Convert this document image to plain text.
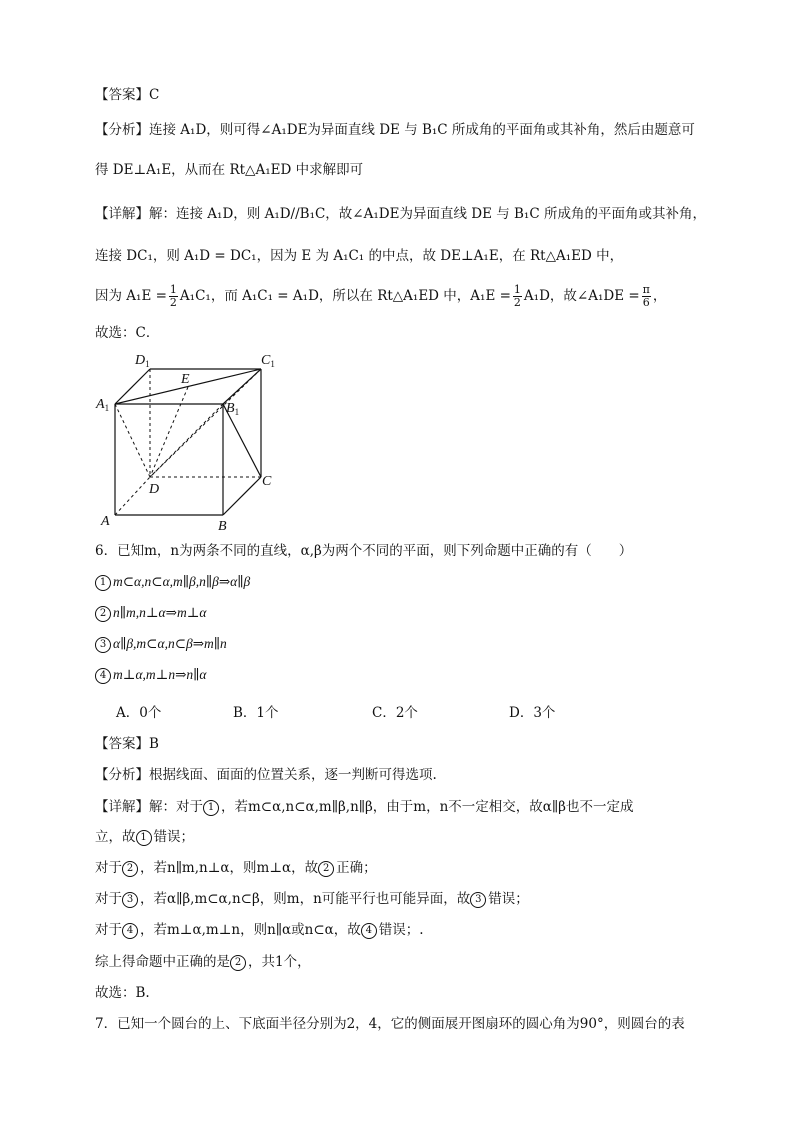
【答案】C
【分析】连接 A₁D，则可得∠A₁DE为异面直线 DE 与 B₁C 所成角的平面角或其补角，然后由题意可
得 DE⊥A₁E，从而在 Rt△A₁ED 中求解即可
【详解】解：连接 A₁D，则 A₁D//B₁C，故∠A₁DE为异面直线 DE 与 B₁C 所成角的平面角或其补角，
连接 DC₁，则 A₁D = DC₁，因为 E 为 A₁C₁ 的中点，故 DE⊥A₁E，在 Rt△A₁ED 中，
因为 $A_1E = \frac{1}{2} A_1C_1$，而 A₁C₁ = A₁D，所以在 Rt△A₁ED 中，$A_1E = \frac{1}{2} A_1D$，故∠A₁DE = $\frac{\pi}{6}$ ，
故选：C．
$D_1$	$C_1$
E
$A_1$	$B_1$
D
C
A	B
6．已知m，n为两条不同的直线，α,β为两个不同的平面，则下列命题中正确的有（　　）
1 m⊂α,n⊂α,m∥β,n∥β⇒α∥β
2 n∥m,n⊥α⇒m⊥α
3 α∥β,m⊂α,n⊂β⇒m∥n
4 m⊥α,m⊥n⇒n∥α
A．0个	B．1个	C．2个	D．3个
【答案】B
【分析】根据线面、面面的位置关系，逐一判断可得选项.
【详解】解：对于 1 ，若m⊂α,n⊂α,m∥β,n∥β，由于m，n不一定相交，故α∥β也不一定成
立，故 1 错误；
对于 2 ，若n∥m,n⊥α，则m⊥α，故 2 正确；
对于 3 ，若α∥β,m⊂α,n⊂β，则m，n可能平行也可能异面，故 3 错误；
对于 4 ，若m⊥α,m⊥n，则n∥α或n⊂α，故 4 错误；.
综上得命题中正确的是 2 ，共1个，
故选：B.
7．已知一个圆台的上、下底面半径分别为2，4，它的侧面展开图扇环的圆心角为90°，则圆台的表
